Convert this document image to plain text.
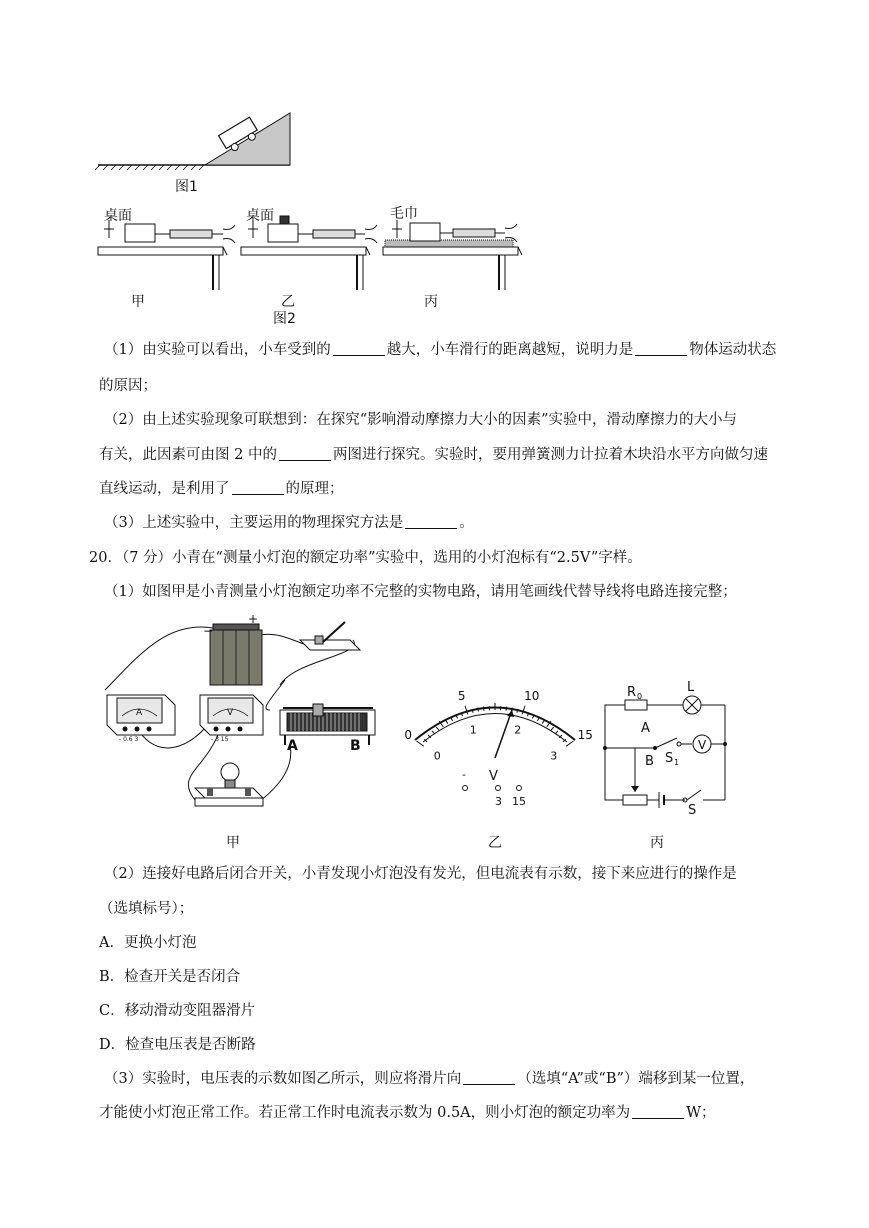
图1
桌面	桌面	毛巾
甲	乙	丙
图2
（1）由实验可以看出，小车受到的	越大，小车滑行的距离越短，说明力是	物体运动状态
的原因；
（2）由上述实验现象可联想到：在探究“影响滑动摩擦力大小的因素”实验中，滑动摩擦力的大小与
有关，此因素可由图 2 中的	两图进行探究。实验时，要用弹簧测力计拉着木块沿水平方向做匀速
直线运动，是利用了	的原理；
（3）上述实验中，主要运用的物理探究方法是	。
20．（7 分）小青在“测量小灯泡的额定功率”实验中，选用的小灯泡标有“2.5V”字样。
（1）如图甲是小青测量小灯泡额定功率不完整的实物电路，请用笔画线代替导线将电路连接完整；
A
- 0.6 3
V
- 3 15
−
+
A	B
甲
0
5	10
15
0
1	2
3
V
-
3 15
乙
R 0
L
A
B S 1
V
S
丙
（2）连接好电路后闭合开关，小青发现小灯泡没有发光，但电流表有示数，接下来应进行的操作是
（选填标号）；
A．更换小灯泡
B．检查开关是否闭合
C．移动滑动变阻器滑片
D．检查电压表是否断路
（3）实验时，电压表的示数如图乙所示，则应将滑片向	（选填“A”或“B”）端移到某一位置，
才能使小灯泡正常工作。若正常工作时电流表示数为 0.5A，则小灯泡的额定功率为	W；
